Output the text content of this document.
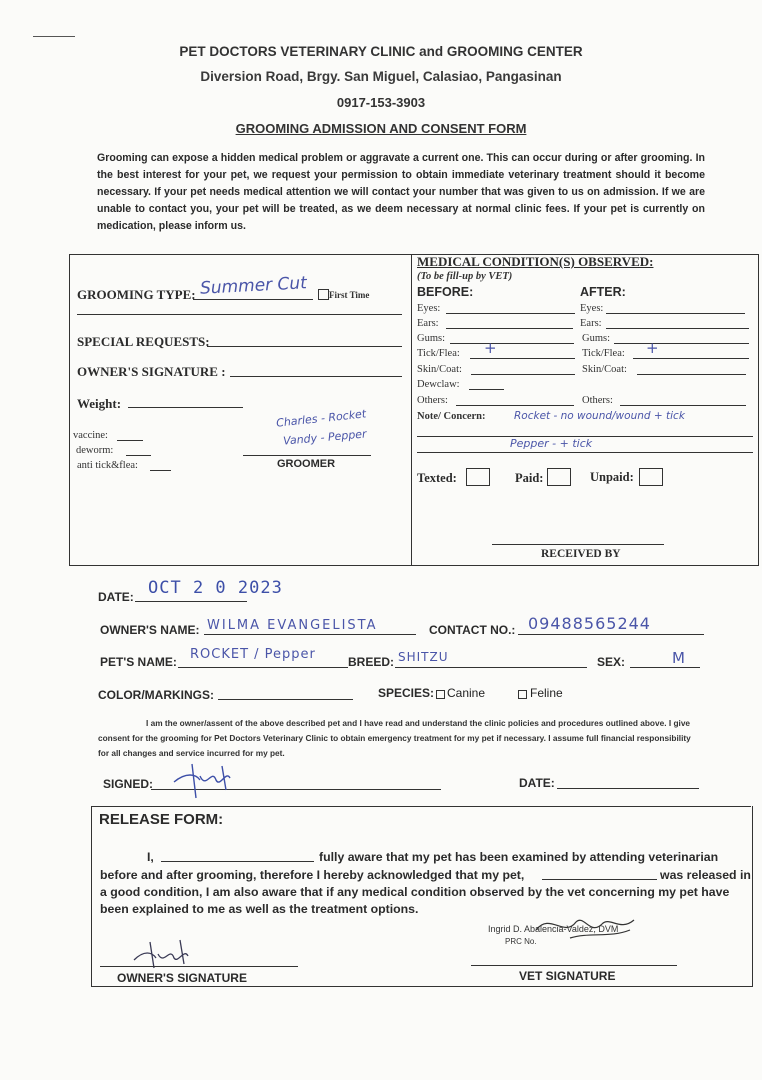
PET DOCTORS VETERINARY CLINIC and GROOMING CENTER
Diversion Road, Brgy. San Miguel, Calasiao, Pangasinan
0917-153-3903
GROOMING ADMISSION AND CONSENT FORM
Grooming can expose a hidden medical problem or aggravate a current one. This can occur during or after grooming. In the best interest for your pet, we request your permission to obtain immediate veterinary treatment should it become necessary. If your pet needs medical attention we will contact your number that was given to us on admission. If we are unable to contact you, your pet will be treated, as we deem necessary at normal clinic fees. If your pet is currently on medication, please inform us.
GROOMING TYPE: Summer Cut First Time
SPECIAL REQUESTS:
OWNER'S SIGNATURE :
Weight:
vaccine:
deworm:
anti tick&flea:
Charles - Rocket
Vandy - Pepper
GROOMER
MEDICAL CONDITION(S) OBSERVED:
(To be fill-up by VET)
BEFORE:	AFTER:
Eyes:	Eyes:
Ears:	Ears:
Gums:	Gums:
Tick/Flea: +	Tick/Flea: +
Skin/Coat:	Skin/Coat:
Dewclaw:
Others:	Others:
Note/ Concern:	Rocket - no wound/wound + tick
Pepper - + tick
Texted:	Paid:	Unpaid:
RECEIVED BY
DATE: OCT 2 0 2023
OWNER'S NAME: WILMA EVANGELISTA	CONTACT NO.: 09488565244
PET'S NAME: ROCKET / Pepper	BREED: SHITZU	SEX:	M
COLOR/MARKINGS:	SPECIES: Canine	Feline
I am the owner/assent of the above described pet and I have read and understand the clinic policies and procedures outlined above. I give consent for the grooming for Pet Doctors Veterinary Clinic to obtain emergency treatment for my pet if necessary. I assume full financial responsibility for all changes and service incurred for my pet.
SIGNED:	DATE:
RELEASE FORM:
I,	fully aware that my pet has been examined by attending veterinarian
before and after grooming, therefore I hereby acknowledged that my pet,	was released in
a good condition, I am also aware that if any medical condition observed by the vet concerning my pet have
been explained to me as well as the treatment options.
OWNER'S SIGNATURE
Ingrid D. Abalencia-Valdez, DVM
PRC No.
VET SIGNATURE
